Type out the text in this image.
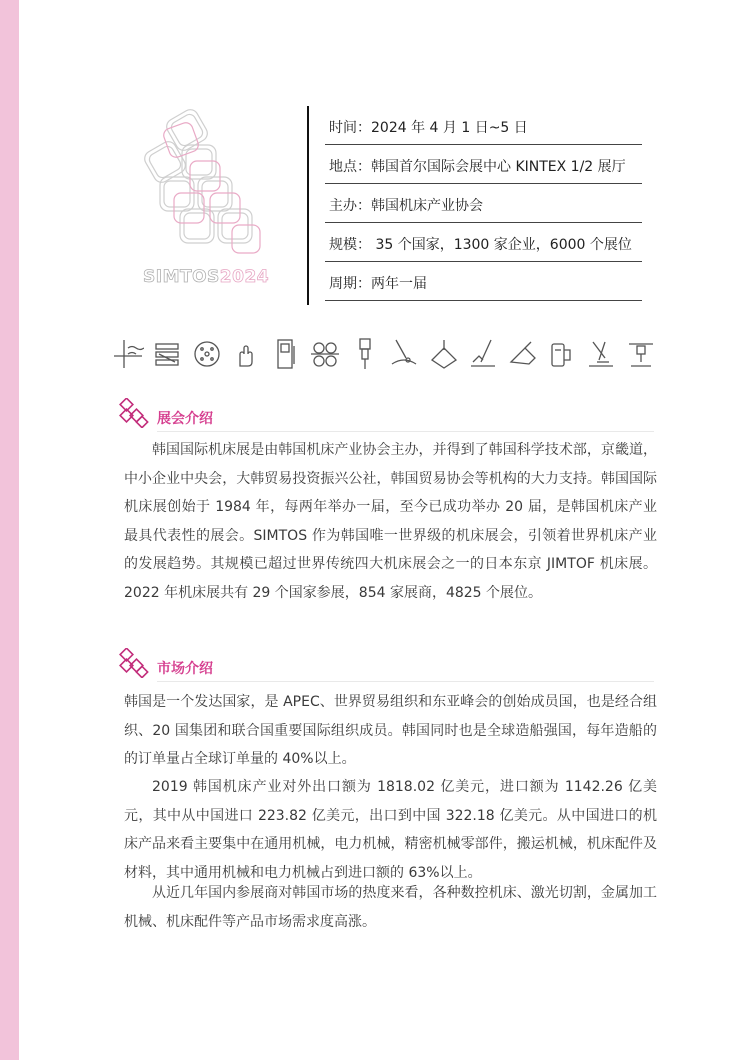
SIMTOS2024
时间：2024 年 4 月 1 日~5 日
地点：韩国首尔国际会展中心 KINTEX 1/2 展厅
主办：韩国机床产业协会
规模： 35 个国家，1300 家企业，6000 个展位
周期：两年一届
展会介绍
韩国国际机床展是由韩国机床产业协会主办，并得到了韩国科学技术部，京畿道，中小企业中央会，大韩贸易投资振兴公社，韩国贸易协会等机构的大力支持。韩国国际机床展创始于 1984 年，每两年举办一届，至今已成功举办 20 届，是韩国机床产业最具代表性的展会。SIMTOS 作为韩国唯一世界级的机床展会，引领着世界机床产业的发展趋势。其规模已超过世界传统四大机床展会之一的日本东京 JIMTOF 机床展。2022 年机床展共有 29 个国家参展，854 家展商，4825 个展位。
市场介绍
韩国是一个发达国家，是 APEC、世界贸易组织和东亚峰会的创始成员国，也是经合组织、20 国集团和联合国重要国际组织成员。韩国同时也是全球造船强国，每年造船的的订单量占全球订单量的 40%以上。
2019 韩国机床产业对外出口额为 1818.02 亿美元，进口额为 1142.26 亿美元，其中从中国进口 223.82 亿美元，出口到中国 322.18 亿美元。从中国进口的机床产品来看主要集中在通用机械，电力机械，精密机械零部件，搬运机械，机床配件及材料，其中通用机械和电力机械占到进口额的 63%以上。
从近几年国内参展商对韩国市场的热度来看，各种数控机床、激光切割，金属加工机械、机床配件等产品市场需求度高涨。
